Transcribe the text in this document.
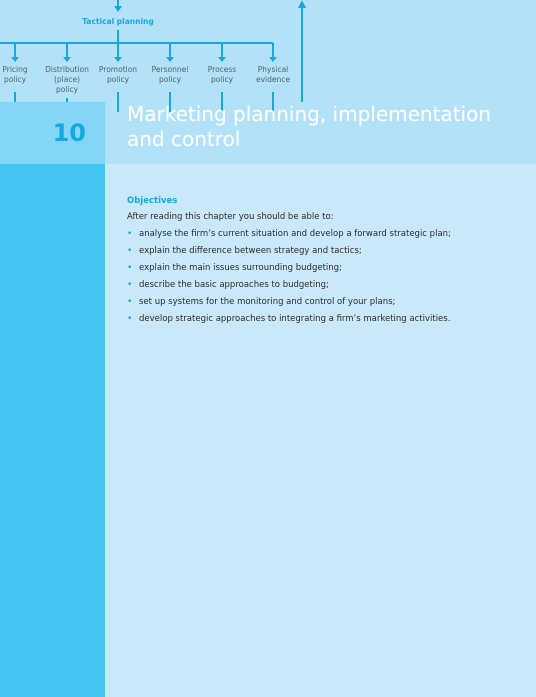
Tactical planning
Pricing
policy
Distribution
(place)
policy
Promotion
policy
Personnel
policy
Process
policy
Physical
evidence
10
Marketing planning, implementation and control
Objectives
After reading this chapter you should be able to:
• analyse the firm’s current situation and develop a forward strategic plan;
• explain the difference between strategy and tactics;
• explain the main issues surrounding budgeting;
• describe the basic approaches to budgeting;
• set up systems for the monitoring and control of your plans;
• develop strategic approaches to integrating a firm’s marketing activities.
